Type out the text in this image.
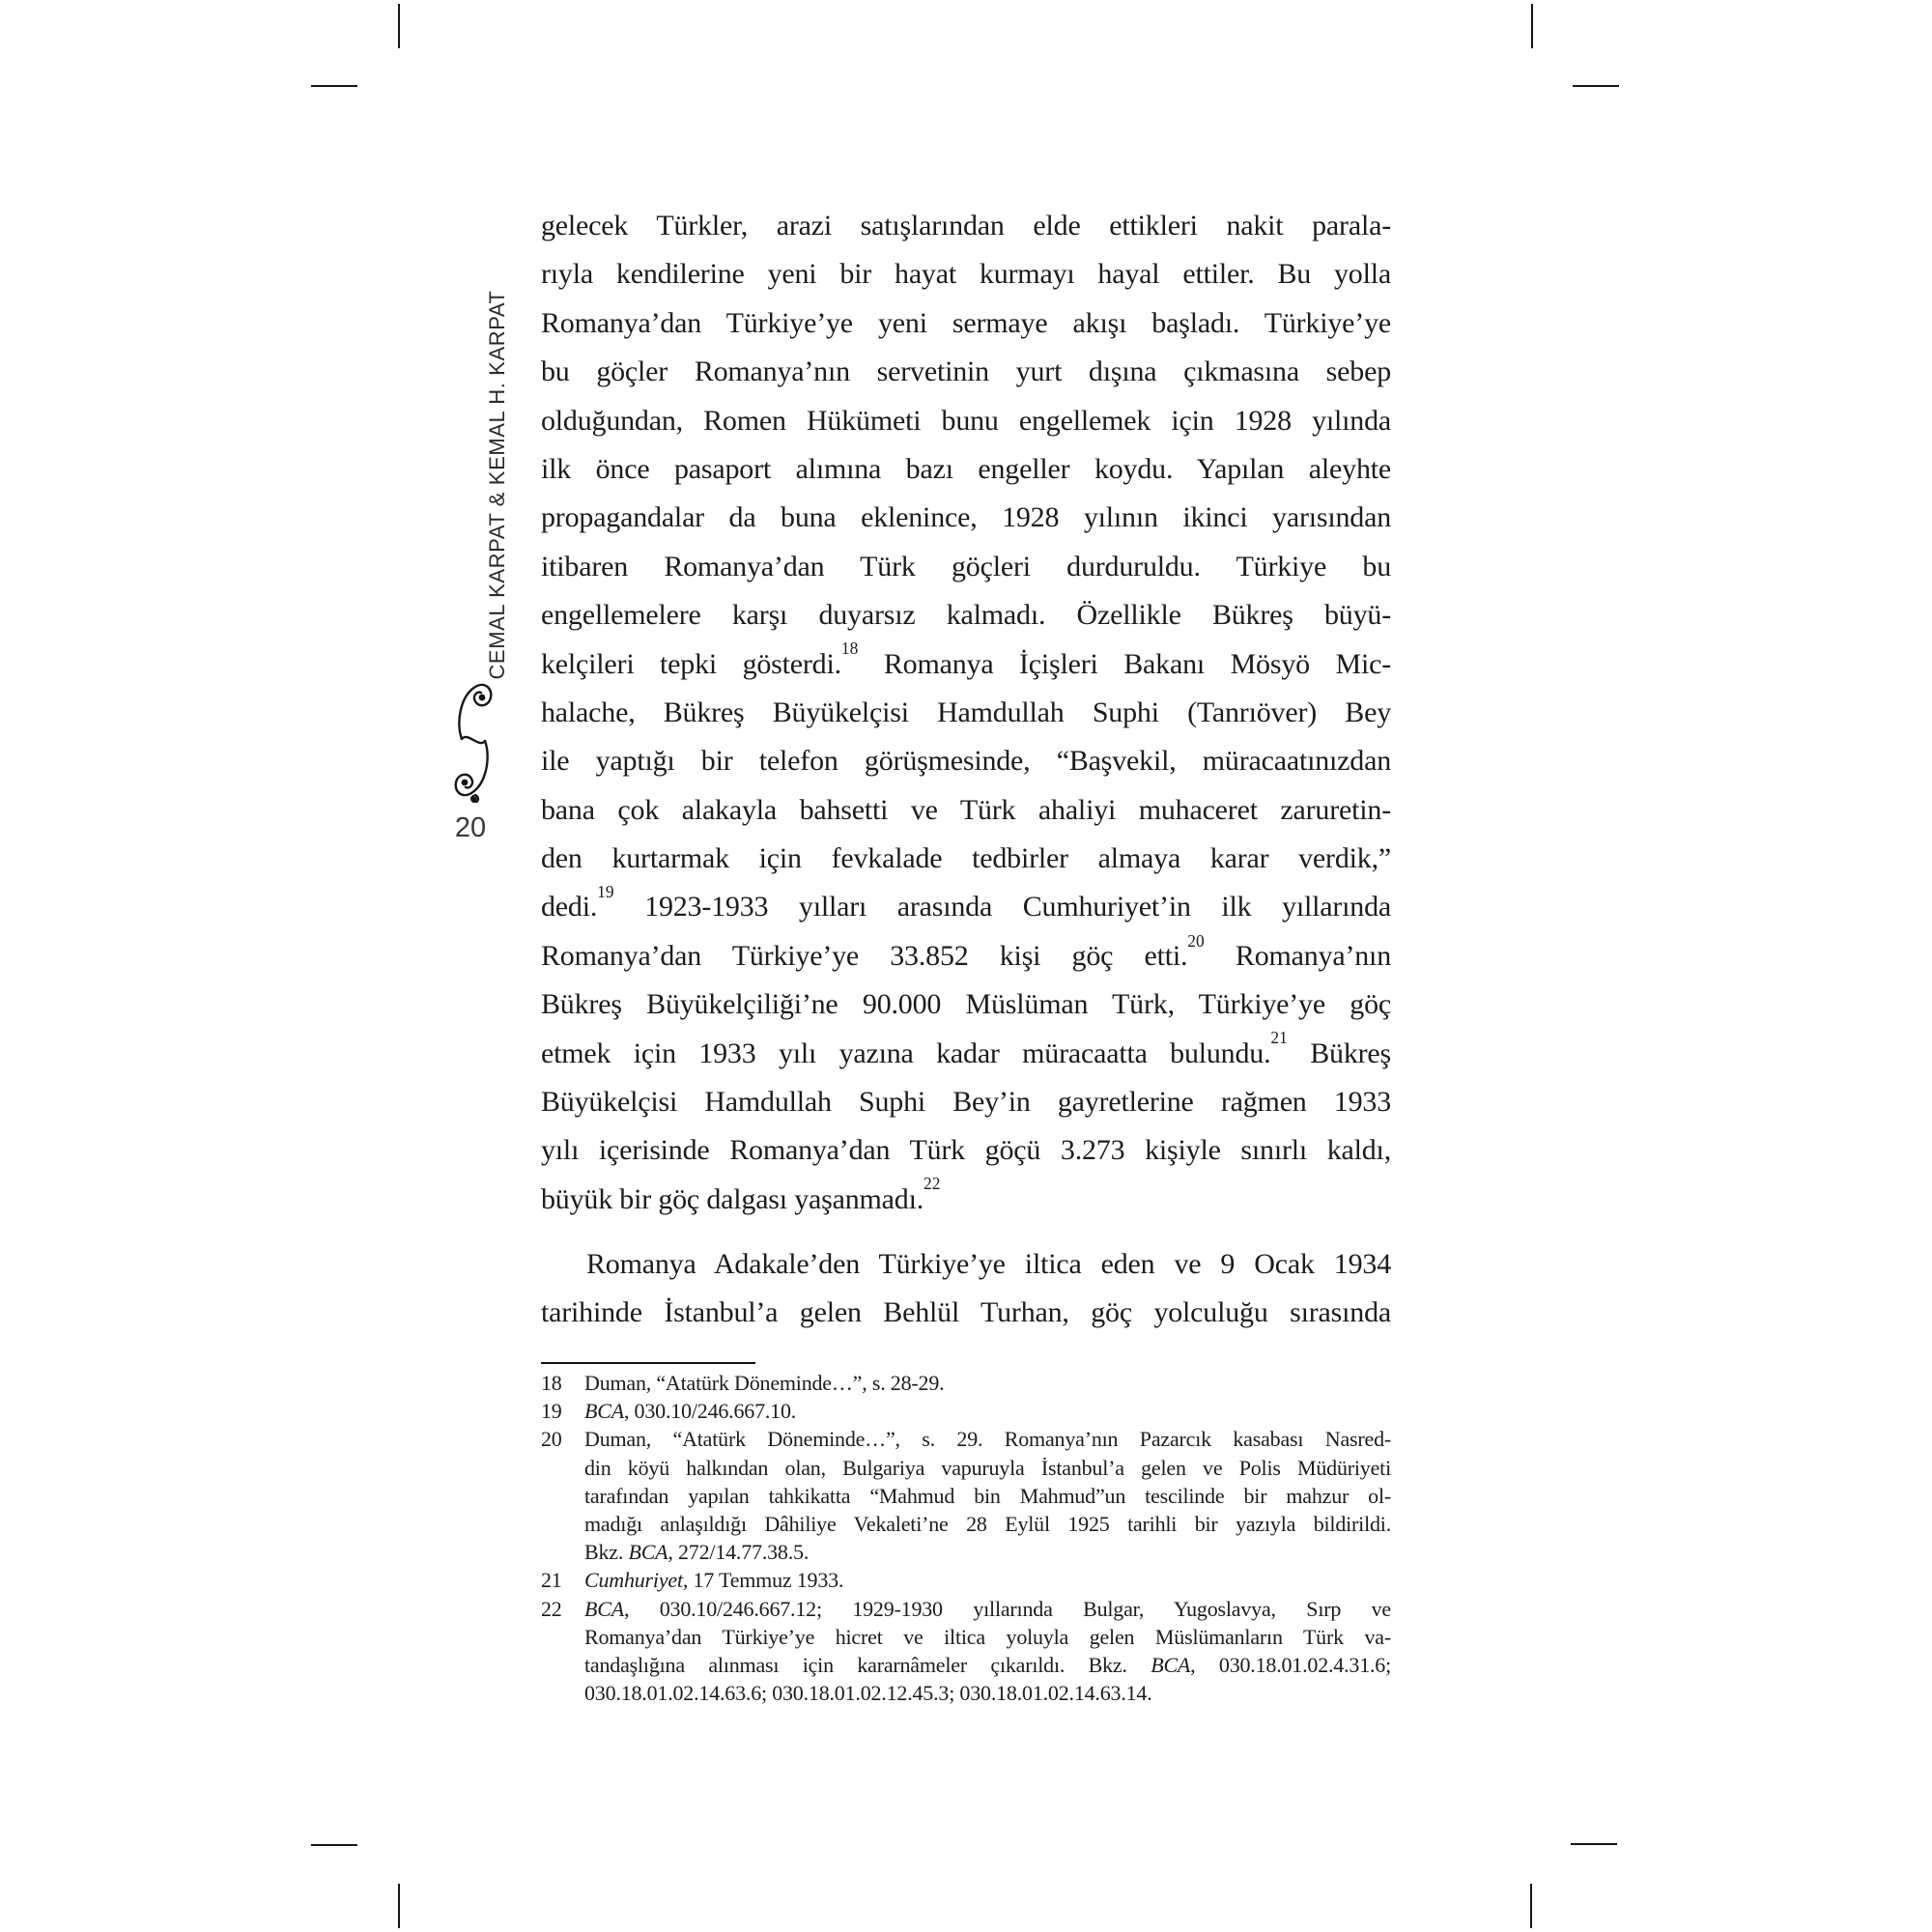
CEMAL KARPAT & KEMAL H. KARPAT
20
gelecek Türkler, arazi satışlarından elde ettikleri nakit parala-
rıyla kendilerine yeni bir hayat kurmayı hayal ettiler. Bu yolla
Romanya’dan Türkiye’ye yeni sermaye akışı başladı. Türkiye’ye
bu göçler Romanya’nın servetinin yurt dışına çıkmasına sebep
olduğundan, Romen Hükümeti bunu engellemek için 1928 yılında
ilk önce pasaport alımına bazı engeller koydu. Yapılan aleyhte
propagandalar da buna eklenince, 1928 yılının ikinci yarısından
itibaren Romanya’dan Türk göçleri durduruldu. Türkiye bu
engellemelere karşı duyarsız kalmadı. Özellikle Bükreş büyü-
kelçileri tepki gösterdi.$^{18}$ Romanya İçişleri Bakanı Mösyö Mic-
halache, Bükreş Büyükelçisi Hamdullah Suphi (Tanrıöver) Bey
ile yaptığı bir telefon görüşmesinde, “Başvekil, müracaatınızdan
bana çok alakayla bahsetti ve Türk ahaliyi muhaceret zaruretin-
den kurtarmak için fevkalade tedbirler almaya karar verdik,”
dedi.$^{19}$ 1923-1933 yılları arasında Cumhuriyet’in ilk yıllarında
Romanya’dan Türkiye’ye 33.852 kişi göç etti.$^{20}$ Romanya’nın
Bükreş Büyükelçiliği’ne 90.000 Müslüman Türk, Türkiye’ye göç
etmek için 1933 yılı yazına kadar müracaatta bulundu.$^{21}$ Bükreş
Büyükelçisi Hamdullah Suphi Bey’in gayretlerine rağmen 1933
yılı içerisinde Romanya’dan Türk göçü 3.273 kişiyle sınırlı kaldı,
büyük bir göç dalgası yaşanmadı.$^{22}$
Romanya Adakale’den Türkiye’ye iltica eden ve 9 Ocak 1934
tarihinde İstanbul’a gelen Behlül Turhan, göç yolculuğu sırasında
18	Duman, “Atatürk Döneminde…”, s. 28-29.
19	BCA, 030.10/246.667.10.
20	Duman, “Atatürk Döneminde…”, s. 29. Romanya’nın Pazarcık kasabası Nasred-
din köyü halkından olan, Bulgariya vapuruyla İstanbul’a gelen ve Polis Müdüriyeti
tarafından yapılan tahkikatta “Mahmud bin Mahmud”un tescilinde bir mahzur ol-
madığı anlaşıldığı Dâhiliye Vekaleti’ne 28 Eylül 1925 tarihli bir yazıyla bildirildi.
Bkz. BCA, 272/14.77.38.5.
21	Cumhuriyet, 17 Temmuz 1933.
22	BCA, 030.10/246.667.12; 1929-1930 yıllarında Bulgar, Yugoslavya, Sırp ve
Romanya’dan Türkiye’ye hicret ve iltica yoluyla gelen Müslümanların Türk va-
tandaşlığına alınması için kararnâmeler çıkarıldı. Bkz. BCA, 030.18.01.02.4.31.6;
030.18.01.02.14.63.6; 030.18.01.02.12.45.3; 030.18.01.02.14.63.14.
